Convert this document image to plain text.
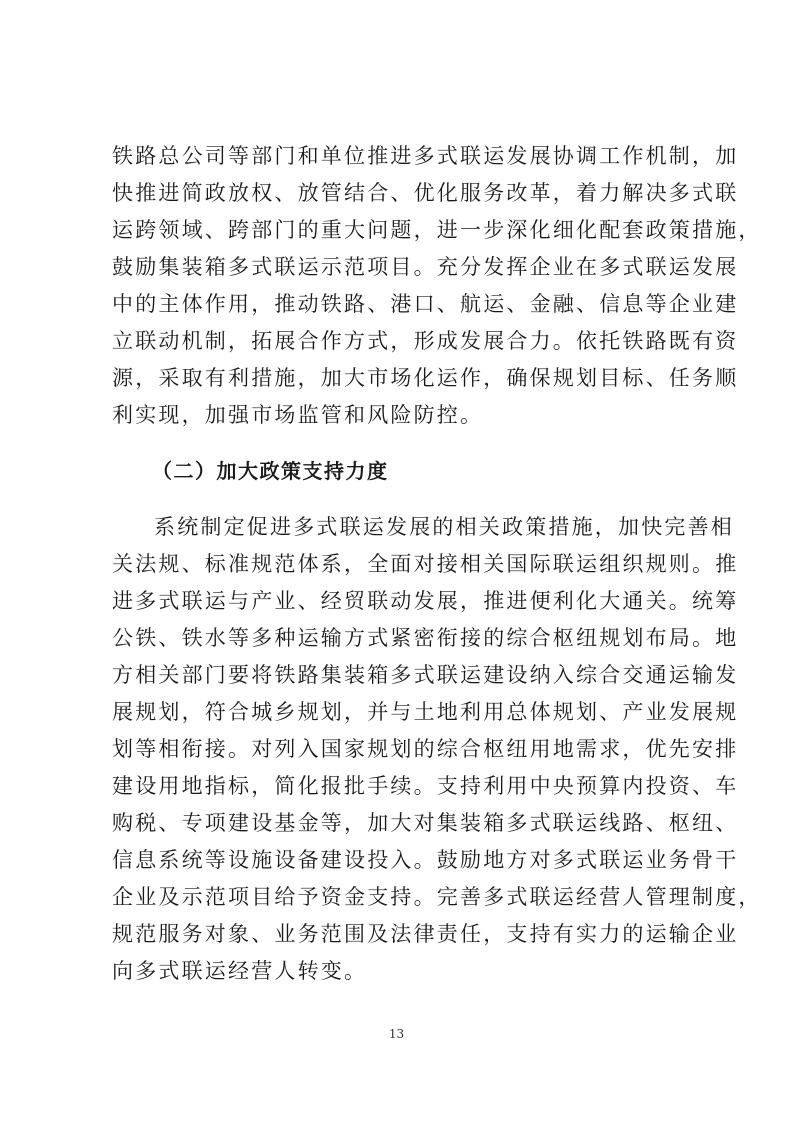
铁路总公司等部门和单位推进多式联运发展协调工作机制，加
快推进简政放权、放管结合、优化服务改革，着力解决多式联
运跨领域、跨部门的重大问题，进一步深化细化配套政策措施，
鼓励集装箱多式联运示范项目。充分发挥企业在多式联运发展
中的主体作用，推动铁路、港口、航运、金融、信息等企业建
立联动机制，拓展合作方式，形成发展合力。依托铁路既有资
源，采取有利措施，加大市场化运作，确保规划目标、任务顺
利实现，加强市场监管和风险防控。
（二）加大政策支持力度
系统制定促进多式联运发展的相关政策措施，加快完善相
关法规、标准规范体系，全面对接相关国际联运组织规则。推
进多式联运与产业、经贸联动发展，推进便利化大通关。统筹
公铁、铁水等多种运输方式紧密衔接的综合枢纽规划布局。地
方相关部门要将铁路集装箱多式联运建设纳入综合交通运输发
展规划，符合城乡规划，并与土地利用总体规划、产业发展规
划等相衔接。对列入国家规划的综合枢纽用地需求，优先安排
建设用地指标，简化报批手续。支持利用中央预算内投资、车
购税、专项建设基金等，加大对集装箱多式联运线路、枢纽、
信息系统等设施设备建设投入。鼓励地方对多式联运业务骨干
企业及示范项目给予资金支持。完善多式联运经营人管理制度，
规范服务对象、业务范围及法律责任，支持有实力的运输企业
向多式联运经营人转变。
13
